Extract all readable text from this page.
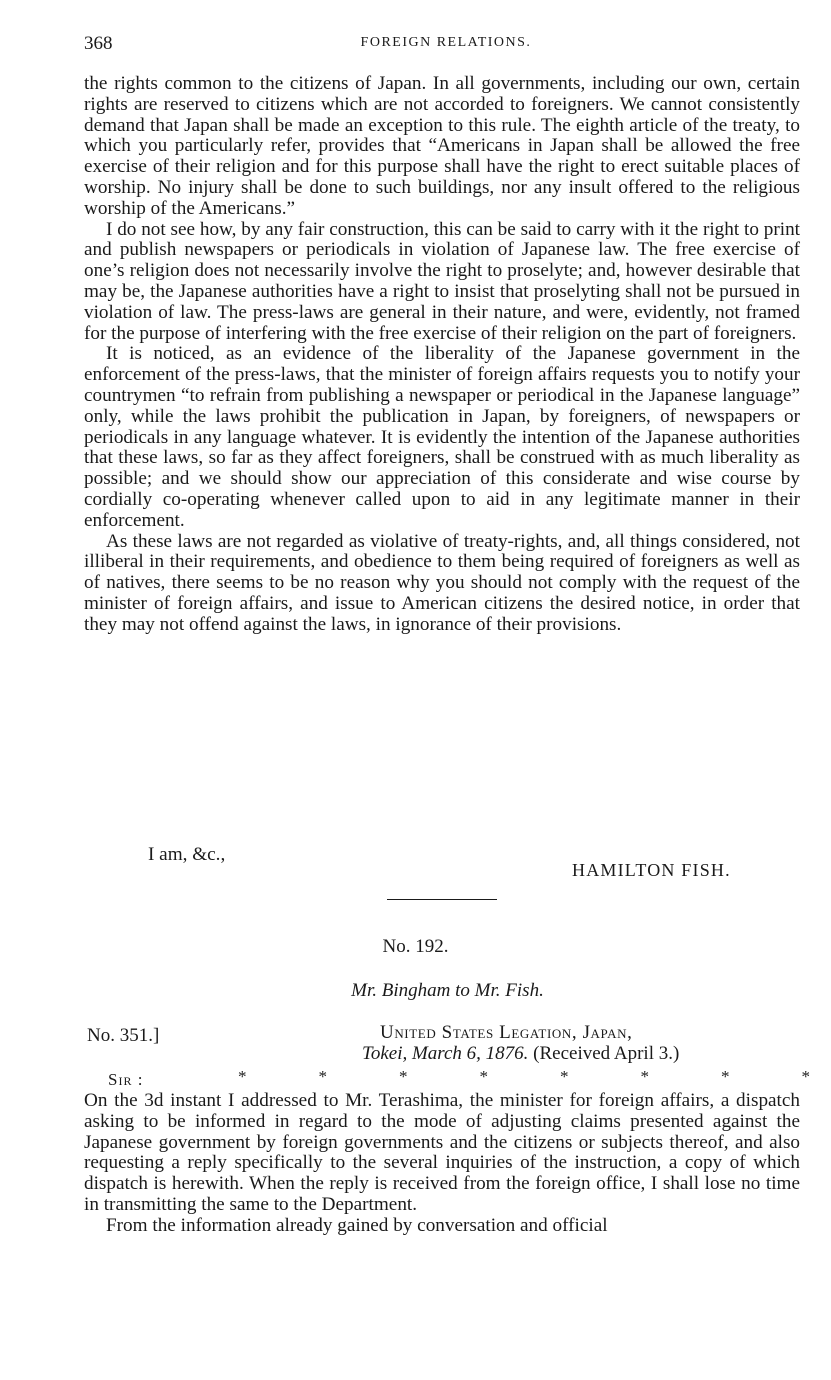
368	FOREIGN RELATIONS.

the rights common to the citizens of Japan. In all governments, including our own, certain rights are reserved to citizens which are not accorded to foreigners. We cannot consistently demand that Japan shall be made an exception to this rule. The eighth article of the treaty, to which you particularly refer, provides that “Americans in Japan shall be allowed the free exercise of their religion and for this purpose shall have the right to erect suitable places of worship. No injury shall be done to such buildings, nor any insult offered to the religious worship of the Americans.”

I do not see how, by any fair construction, this can be said to carry with it the right to print and publish newspapers or periodicals in violation of Japanese law. The free exercise of one’s religion does not necessarily involve the right to proselyte; and, however desirable that may be, the Japanese authorities have a right to insist that proselyting shall not be pursued in violation of law. The press-laws are general in their nature, and were, evidently, not framed for the purpose of interfering with the free exercise of their religion on the part of foreigners.

It is noticed, as an evidence of the liberality of the Japanese government in the enforcement of the press-laws, that the minister of foreign affairs requests you to notify your countrymen “to refrain from publishing a newspaper or periodical in the Japanese language” only, while the laws prohibit the publication in Japan, by foreigners, of newspapers or periodicals in any language whatever. It is evidently the intention of the Japanese authorities that these laws, so far as they affect foreigners, shall be construed with as much liberality as possible; and we should show our appreciation of this considerate and wise course by cordially co-operating whenever called upon to aid in any legitimate manner in their enforcement.

As these laws are not regarded as violative of treaty-rights, and, all things considered, not illiberal in their requirements, and obedience to them being required of foreigners as well as of natives, there seems to be no reason why you should not comply with the request of the minister of foreign affairs, and issue to American citizens the desired notice, in order that they may not offend against the laws, in ignorance of their provisions.

I am, &c.,
HAMILTON FISH.
No. 192.
Mr. Bingham to Mr. Fish.
No. 351.]	United States Legation, Japan,
Tokei, March 6, 1876. (Received April 3.)
Sir :	*	*	*	*	*	*	*	*

On the 3d instant I addressed to Mr. Terashima, the minister for foreign affairs, a dispatch asking to be informed in regard to the mode of adjusting claims presented against the Japanese government by foreign governments and the citizens or subjects thereof, and also requesting a reply specifically to the several inquiries of the instruction, a copy of which dispatch is herewith. When the reply is received from the foreign office, I shall lose no time in transmitting the same to the Department.

From the information already gained by conversation and official
